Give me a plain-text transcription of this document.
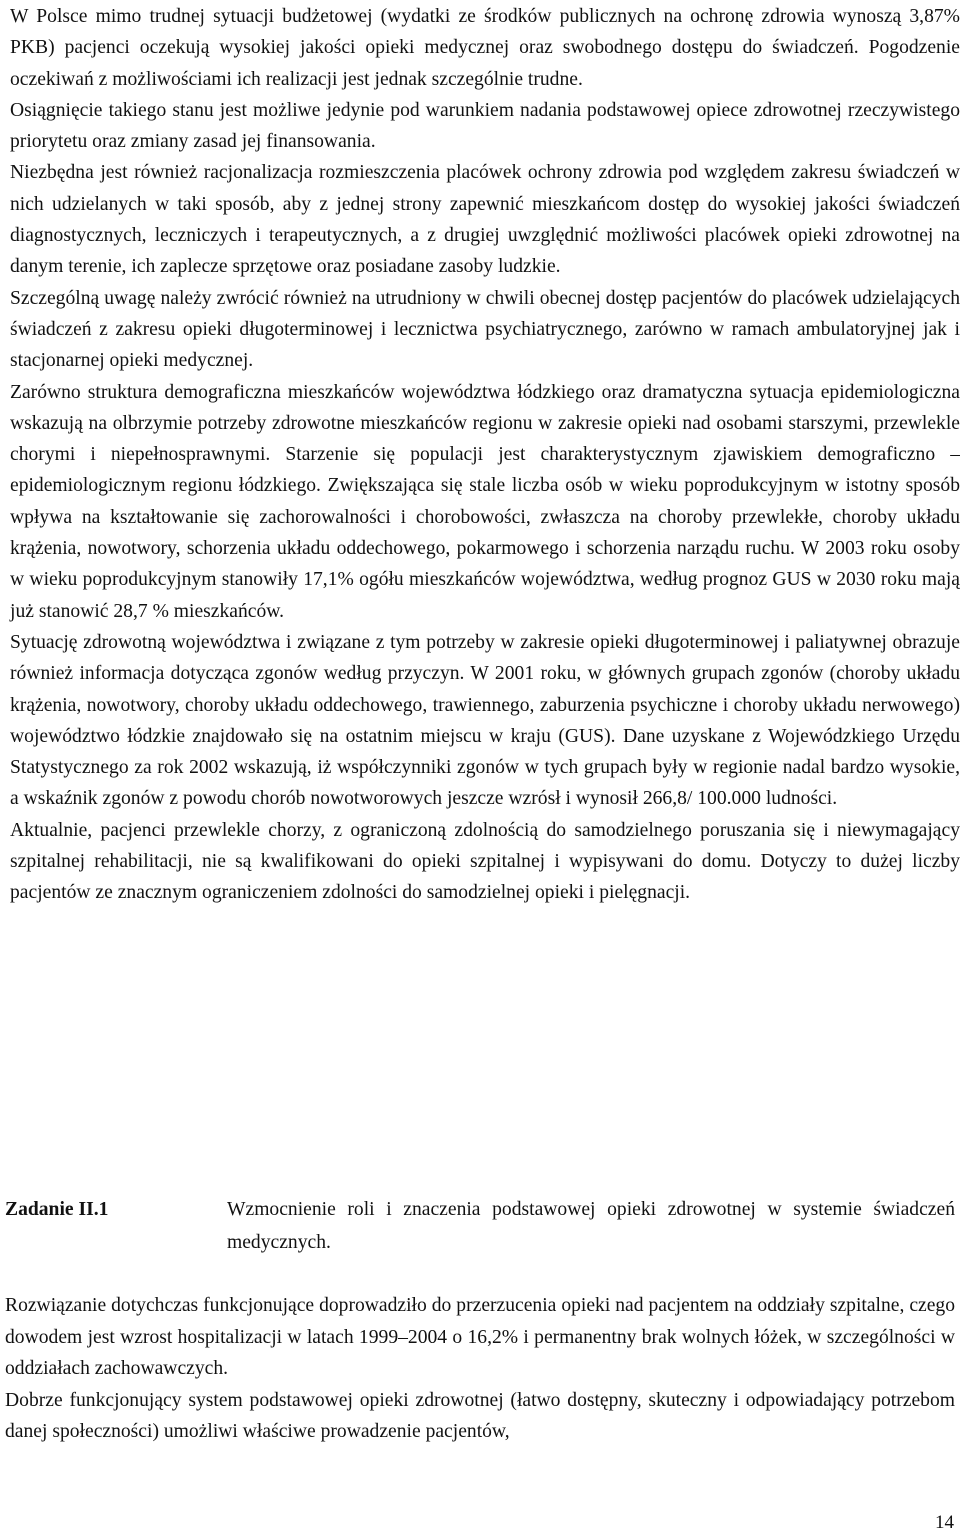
W Polsce mimo trudnej sytuacji budżetowej (wydatki ze środków publicznych na ochronę zdrowia wynoszą 3,87% PKB) pacjenci oczekują wysokiej jakości opieki medycznej oraz swobodnego dostępu do świadczeń. Pogodzenie oczekiwań z możliwościami ich realizacji jest jednak szczególnie trudne.

Osiągnięcie takiego stanu jest możliwe jedynie pod warunkiem nadania podstawowej opiece zdrowotnej rzeczywistego priorytetu oraz zmiany zasad jej finansowania.

Niezbędna jest również racjonalizacja rozmieszczenia placówek ochrony zdrowia pod względem zakresu świadczeń w nich udzielanych w taki sposób, aby z jednej strony zapewnić mieszkańcom dostęp do wysokiej jakości świadczeń diagnostycznych, leczniczych i terapeutycznych, a z drugiej uwzględnić możliwości placówek opieki zdrowotnej na danym terenie, ich zaplecze sprzętowe oraz posiadane zasoby ludzkie.

Szczególną uwagę należy zwrócić również na utrudniony w chwili obecnej dostęp pacjentów do placówek udzielających świadczeń z zakresu opieki długoterminowej i lecznictwa psychiatrycznego, zarówno w ramach ambulatoryjnej jak i stacjonarnej opieki medycznej.

Zarówno struktura demograficzna mieszkańców województwa łódzkiego oraz dramatyczna sytuacja epidemiologiczna wskazują na olbrzymie potrzeby zdrowotne mieszkańców regionu w zakresie opieki nad osobami starszymi, przewlekle chorymi i niepełnosprawnymi. Starzenie się populacji jest charakterystycznym zjawiskiem demograficzno – epidemiologicznym regionu łódzkiego. Zwiększająca się stale liczba osób w wieku poprodukcyjnym w istotny sposób wpływa na kształtowanie się zachorowalności i chorobowości, zwłaszcza na choroby przewlekłe, choroby układu krążenia, nowotwory, schorzenia układu oddechowego, pokarmowego i schorzenia narządu ruchu. W 2003 roku osoby w wieku poprodukcyjnym stanowiły 17,1% ogółu mieszkańców województwa, według prognoz GUS w 2030 roku mają już stanowić 28,7 % mieszkańców.

Sytuację zdrowotną województwa i związane z tym potrzeby w zakresie opieki długoterminowej i paliatywnej obrazuje również informacja dotycząca zgonów według przyczyn. W 2001 roku, w głównych grupach zgonów (choroby układu krążenia, nowotwory, choroby układu oddechowego, trawiennego, zaburzenia psychiczne i choroby układu nerwowego) województwo łódzkie znajdowało się na ostatnim miejscu w kraju (GUS). Dane uzyskane z Wojewódzkiego Urzędu Statystycznego za rok 2002 wskazują, iż współczynniki zgonów w tych grupach były w regionie nadal bardzo wysokie, a wskaźnik zgonów z powodu chorób nowotworowych jeszcze wzrósł i wynosił 266,8/ 100.000 ludności.

Aktualnie, pacjenci przewlekle chorzy, z ograniczoną zdolnością do samodzielnego poruszania się i niewymagający szpitalnej rehabilitacji, nie są kwalifikowani do opieki szpitalnej i wypisywani do domu. Dotyczy to dużej liczby pacjentów ze znacznym ograniczeniem zdolności do samodzielnej opieki i pielęgnacji.

Zadanie II.1	Wzmocnienie roli i znaczenia podstawowej opieki zdrowotnej w systemie świadczeń medycznych.

Rozwiązanie dotychczas funkcjonujące doprowadziło do przerzucenia opieki nad pacjentem na oddziały szpitalne, czego dowodem jest wzrost hospitalizacji w latach 1999–2004 o 16,2% i permanentny brak wolnych łóżek, w szczególności w oddziałach zachowawczych.

Dobrze funkcjonujący system podstawowej opieki zdrowotnej (łatwo dostępny, skuteczny i odpowiadający potrzebom danej społeczności) umożliwi właściwe prowadzenie pacjentów,

14
